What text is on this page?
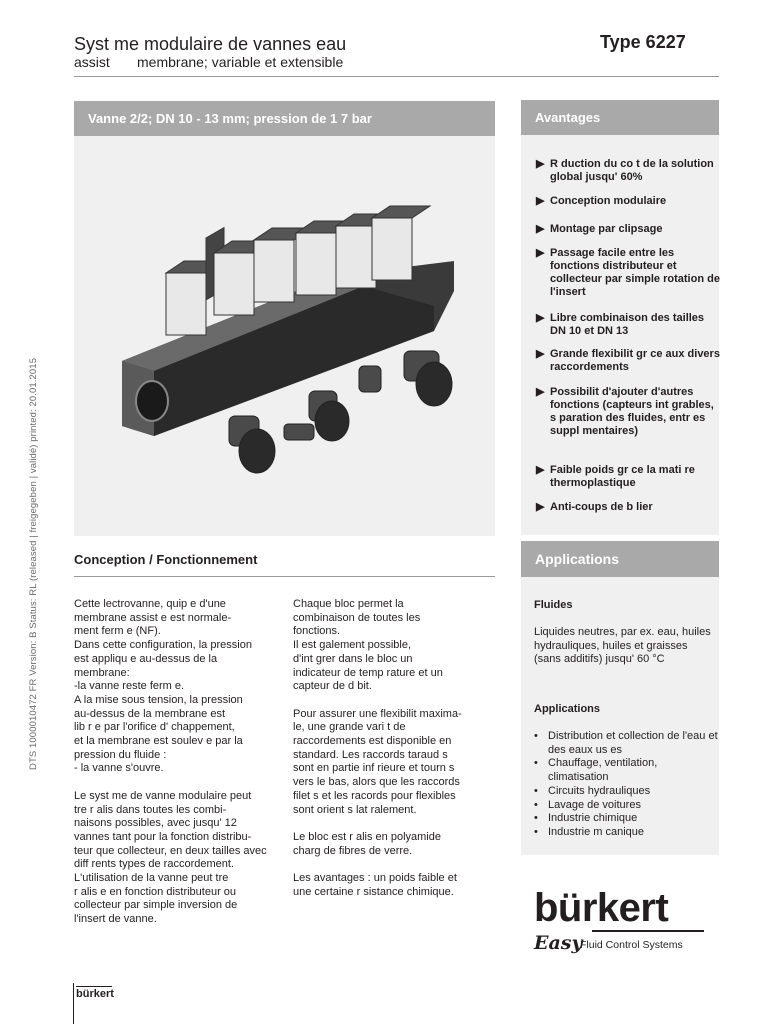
Syst me modulaire de vannes eau
assist       membrane; variable et extensible
Type 6227
DTS 1000010472 FR Version: B Status: RL (released | freigegeben | validé) printed: 20.01.2015
Vanne 2/2; DN 10 - 13 mm; pression de 1 7 bar	Avantages
▶ R duction du co t de la solution global jusqu' 60%
▶ Conception modulaire
▶ Montage par clipsage
▶ Passage facile entre les fonctions distributeur et collecteur par simple rotation de l'insert
▶ Libre combinaison des tailles DN 10 et DN 13
▶ Grande flexibilit gr ce aux divers raccordements
▶ Possibilit d'ajouter d'autres fonctions (capteurs int grables, s paration des fluides, entr es suppl mentaires)
▶ Faible poids gr ce la mati re thermoplastique
▶ Anti-coups de b lier
Conception / Fonctionnement

Cette lectrovanne, quip e d'une

membrane assist e est normale-

ment ferm e (NF).

Dans cette configuration, la pression

est appliqu e au-dessus de la

membrane:

-la vanne reste ferm e.

A la mise sous tension, la pression

au-dessus de la membrane est

lib r e par l'orifice d' chappement,

et la membrane est soulev e par la

pression du fluide :

- la vanne s'ouvre.

Le syst me de vanne modulaire peut

tre r alis dans toutes les combi-

naisons possibles, avec jusqu' 12

vannes tant pour la fonction distribu-

teur que collecteur, en deux tailles avec

diff rents types de raccordement.

L'utilisation de la vanne peut tre

r alis e en fonction distributeur ou

collecteur par simple inversion de

l'insert de vanne.

Chaque bloc permet la

combinaison de toutes les

fonctions.

Il est galement possible,

d'int grer dans le bloc un

indicateur de temp rature et un

capteur de d bit.

Pour assurer une flexibilit maxima-

le, une grande vari t de

raccordements est disponible en

standard. Les raccords taraud s

sont en partie inf rieure et tourn s

vers le bas, alors que les raccords

filet s et les racords pour flexibles

sont orient s lat ralement.

Le bloc est r alis en polyamide

charg de fibres de verre.

Les avantages : un poids faible et

une certaine r sistance chimique.

Applications
Fluides
Liquides neutres, par ex. eau, huiles hydrauliques, huiles et graisses (sans additifs) jusqu' 60 °C
Applications
• Distribution et collection de l'eau et des eaux us es
• Chauffage, ventilation, climatisation
• Circuits hydrauliques
• Lavage de voitures
• Industrie chimique
• Industrie m canique
bürkert
Easy
Fluid Control Systems
bürkert
